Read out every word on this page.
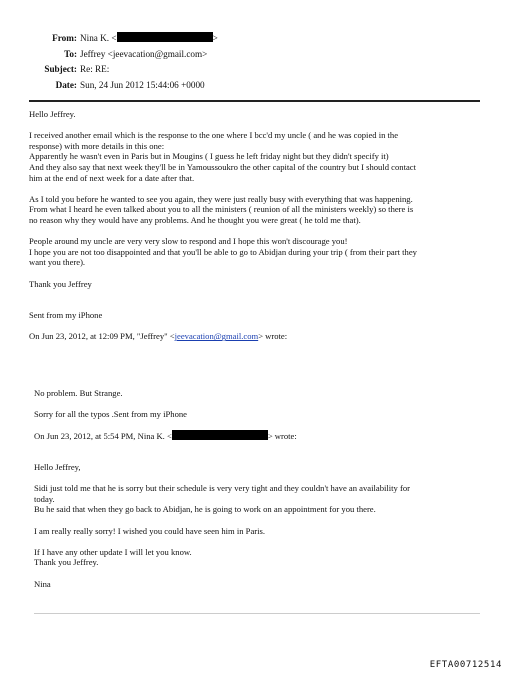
From: Nina K. <	>
To: Jeffrey <jeevacation@gmail.com>
Subject: Re: RE:
Date: Sun, 24 Jun 2012 15:44:06 +0000

Hello Jeffrey.

I received another email which is the response to the one where I bcc'd my uncle ( and he was copied in the
response) with more details in this one:
Apparently he wasn't even in Paris but in Mougins ( I guess he left friday night but they didn't specify it)
And they also say that next week they'll be in Yamoussoukro the other capital of the country but I should contact
him at the end of next week for a date after that.

As I told you before he wanted to see you again, they were just really busy with everything that was happening.
From what I heard he even talked about you to all the ministers ( reunion of all the ministers weekly) so there is
no reason why they would have any problems. And he thought you were great ( he told me that).

People around my uncle are very very slow to respond and I hope this won't discourage you!
I hope you are not too disappointed and that you'll be able to go to Abidjan during your trip ( from their part they
want you there).

Thank you Jeffrey

Sent from my iPhone

On Jun 23, 2012, at 12:09 PM, "Jeffrey" <jeevacation@gmail.com> wrote:

No problem. But Strange.

Sorry for all the typos .Sent from my iPhone

On Jun 23, 2012, at 5:54 PM, Nina K. <	> wrote:

Hello Jeffrey,

Sidi just told me that he is sorry but their schedule is very very tight and they couldn't have an availability for
today.
Bu he said that when they go back to Abidjan, he is going to work on an appointment for you there.

I am really really sorry! I wished you could have seen him in Paris.

If I have any other update I will let you know.
Thank you Jeffrey.

Nina

EFTA00712514
